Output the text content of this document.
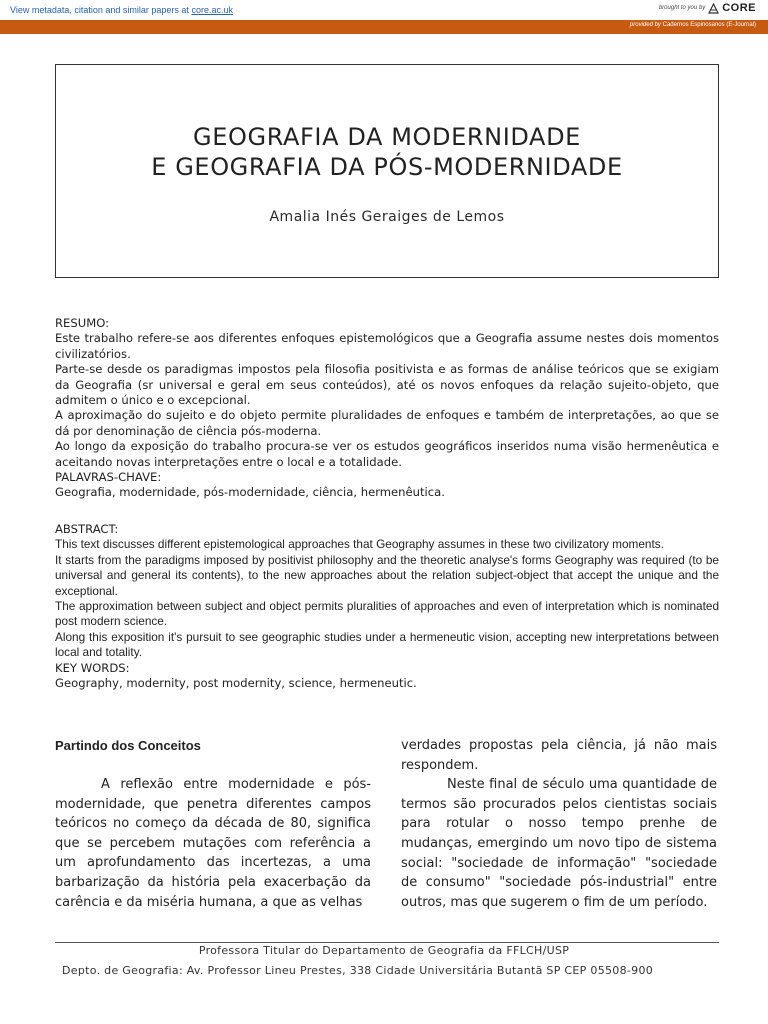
View metadata, citation and similar papers at core.ac.uk	brought to you by CORE
provided by Cadernos Espinosanos (E-Journal)
GEOGRAFIA DA MODERNIDADE
E GEOGRAFIA DA PÓS-MODERNIDADE
Amalia Inés Geraiges de Lemos

RESUMO:

Este trabalho refere-se aos diferentes enfoques epistemológicos que a Geografia assume nestes dois momentos civilizatórios.

Parte-se desde os paradigmas impostos pela filosofia positivista e as formas de análise teóricos que se exigiam da Geografia (sr universal e geral em seus conteúdos), até os novos enfoques da relação sujeito-objeto, que admitem o único e o excepcional.

A aproximação do sujeito e do objeto permite pluralidades de enfoques e também de interpretações, ao que se dá por denominação de ciência pós-moderna.

Ao longo da exposição do trabalho procura-se ver os estudos geográficos inseridos numa visão hermenêutica e aceitando novas interpretações entre o local e a totalidade.

PALAVRAS-CHAVE:

Geografia, modernidade, pós-modernidade, ciência, hermenêutica.

ABSTRACT:

This text discusses different epistemological approaches that Geography assumes in these two civilizatory moments.

It starts from the paradigms imposed by positivist philosophy and the theoretic analyse's forms Geography was required (to be universal and general its contents), to the new approaches about the relation subject-object that accept the unique and the exceptional.

The approximation between subject and object permits pluralities of approaches and even of interpretation which is nominated post modern science.

Along this exposition it's pursuit to see geographic studies under a hermeneutic vision, accepting new interpretations between local and totality.

KEY WORDS:

Geography, modernity, post modernity, science, hermeneutic.

Partindo dos Conceitos

A reflexão entre modernidade e pós-modernidade, que penetra diferentes campos teóricos no começo da década de 80, significa que se percebem mutações com referência a um aprofundamento das incertezas, a uma barbarização da história pela exacerbação da carência e da miséria humana, a que as velhas

verdades propostas pela ciência, já não mais respondem.

Neste final de século uma quantidade de termos são procurados pelos cientistas sociais para rotular o nosso tempo prenhe de mudanças, emergindo um novo tipo de sistema social: "sociedade de informação" "sociedade de consumo" "sociedade pós-industrial" entre outros, mas que sugerem o fim de um período.

Professora Titular do Departamento de Geografia da FFLCH/USP
Depto. de Geografia: Av. Professor Lineu Prestes, 338 Cidade Universitária Butantã SP CEP 05508-900
